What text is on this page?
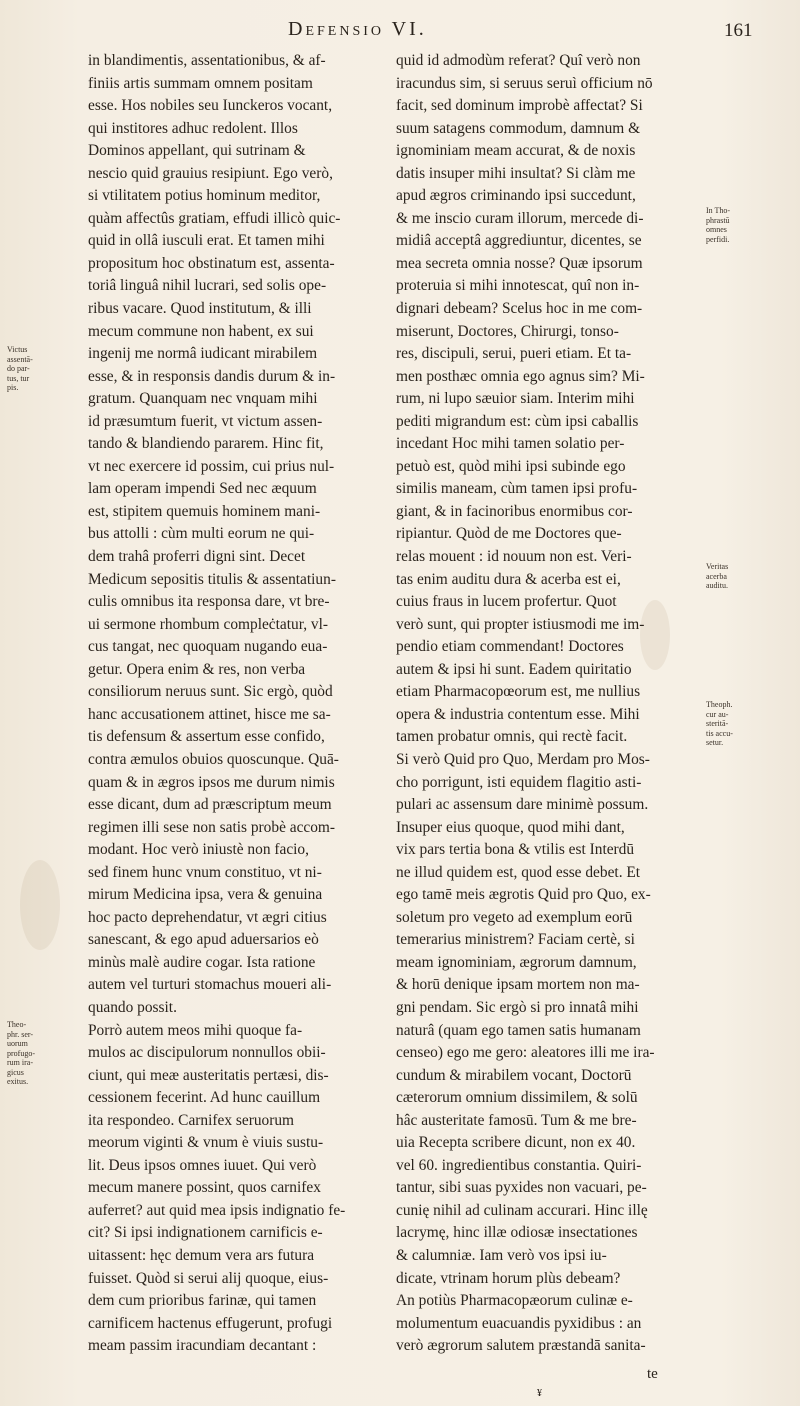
Defensio VI.	161
in blandimentis, assentationibus, & af-
finiis artis summam omnem positam
esse. Hos nobiles seu Iunckeros vocant,
qui institores adhuc redolent. Illos
Dominos appellant, qui sutrinam &
nescio quid grauius resipiunt. Ego verò,
si vtilitatem potius hominum meditor,
quàm affectûs gratiam, effudi illicò quic-
quid in ollâ iusculi erat. Et tamen mihi
propositum hoc obstinatum est, assenta-
toriâ linguâ nihil lucrari, sed solis ope-
ribus vacare. Quod institutum, & illi
mecum commune non habent, ex sui
ingenij me normâ iudicant mirabilem
esse, & in responsis dandis durum & in-
gratum. Quanquam nec vnquam mihi
id præsumtum fuerit, vt victum assen-
tando & blandiendo pararem. Hinc fit,
vt nec exercere id possim, cui prius nul-
lam operam impendi Sed nec æquum
est, stipitem quemuis hominem mani-
bus attolli : cùm multi eorum ne qui-
dem trahâ proferri digni sint. Decet
Medicum sepositis titulis & assentatiun-
culis omnibus ita responsa dare, vt bre-
ui sermone rhombum compleċtatur, vl-
cus tangat, nec quoquam nugando eua-
getur. Opera enim & res, non verba
consiliorum neruus sunt. Sic ergò, quòd
hanc accusationem attinet, hisce me sa-
tis defensum & assertum esse confido,
contra æmulos obuios quoscunque. Quā-
quam & in ægros ipsos me durum nimis
esse dicant, dum ad præscriptum meum
regimen illi sese non satis probè accom-
modant. Hoc verò iniustè non facio,
sed finem hunc vnum constituo, vt ni-
mirum Medicina ipsa, vera & genuina
hoc pacto deprehendatur, vt ægri citius
sanescant, & ego apud aduersarios eò
minùs malè audire cogar. Ista ratione
autem vel turturi stomachus moueri ali-
quando possit.
Porrò autem meos mihi quoque fa-
mulos ac discipulorum nonnullos obii-
ciunt, qui meæ austeritatis pertæsi, dis-
cessionem fecerint. Ad hunc cauillum
ita respondeo. Carnifex seruorum
meorum viginti & vnum è viuis sustu-
lit. Deus ipsos omnes iuuet. Qui verò
mecum manere possint, quos carnifex
auferret? aut quid mea ipsis indignatio fe-
cit? Si ipsi indignationem carnificis e-
uitassent: hęc demum vera ars futura
fuisset. Quòd si serui alij quoque, eius-
dem cum prioribus farinæ, qui tamen
carnificem hactenus effugerunt, profugi
meam passim iracundiam decantant :
quid id admodùm referat? Quî verò non
iracundus sim, si seruus seruì officium nō
facit, sed dominum improbè affectat? Si
suum satagens commodum, damnum &
ignominiam meam accurat, & de noxis
datis insuper mihi insultat? Si clàm me
apud ægros criminando ipsi succedunt,
& me inscio curam illorum, mercede di-
midiâ acceptâ aggrediuntur, dicentes, se
mea secreta omnia nosse? Quæ ipsorum
proteruia si mihi innotescat, quî non in-
dignari debeam? Scelus hoc in me com-
miserunt, Doctores, Chirurgi, tonso-
res, discipuli, serui, pueri etiam. Et ta-
men posthæc omnia ego agnus sim? Mi-
rum, ni lupo sæuior siam. Interim mihi
pediti migrandum est: cùm ipsi caballis
incedant Hoc mihi tamen solatio per-
petuò est, quòd mihi ipsi subinde ego
similis maneam, cùm tamen ipsi profu-
giant, & in facinoribus enormibus cor-
ripiantur. Quòd de me Doctores que-
relas mouent : id nouum non est. Veri-
tas enim auditu dura & acerba est ei,
cuius fraus in lucem profertur. Quot
verò sunt, qui propter istiusmodi me im-
pendio etiam commendant! Doctores
autem & ipsi hi sunt. Eadem quiritatio
etiam Pharmacopœorum est, me nullius
opera & industria contentum esse. Mihi
tamen probatur omnis, qui rectè facit.
Si verò Quid pro Quo, Merdam pro Mos-
cho porrigunt, isti equidem flagitio asti-
pulari ac assensum dare minimè possum.
Insuper eius quoque, quod mihi dant,
vix pars tertia bona & vtilis est Interdū
ne illud quidem est, quod esse debet. Et
ego tamē meis ægrotis Quid pro Quo, ex-
soletum pro vegeto ad exemplum eorū
temerarius ministrem? Faciam certè, si
meam ignominiam, ægrorum damnum,
& horū denique ipsam mortem non ma-
gni pendam. Sic ergò si pro innatâ mihi
naturâ (quam ego tamen satis humanam
censeo) ego me gero: aleatores illi me ira-
cundum & mirabilem vocant, Doctorū
cæterorum omnium dissimilem, & solū
hâc austeritate famosū. Tum & me bre-
uia Recepta scribere dicunt, non ex 40.
vel 60. ingredientibus constantia. Quiri-
tantur, sibi suas pyxides non vacuari, pe-
cunię nihil ad culinam accurari. Hinc illę
lacrymę, hinc illæ odiosæ insectationes
& calumniæ. Iam verò vos ipsi iu-
dicate, vtrinam horum plùs debeam?
An potiùs Pharmacopæorum culinæ e-
molumentum euacuandis pyxidibus : an
verò ægrorum salutem præstandā sanita-
Victus
assentā-
do par-
tus, tur
pis.
Theo-
phr. ser-
uorum
profugo-
rum ira-
gicus
exitus.
In Tho-
phrastū
omnes
perfidi.
Veritas
acerba
auditu.
Theoph.
cur au-
steritā-
tis accu-
setur.
te
¥
